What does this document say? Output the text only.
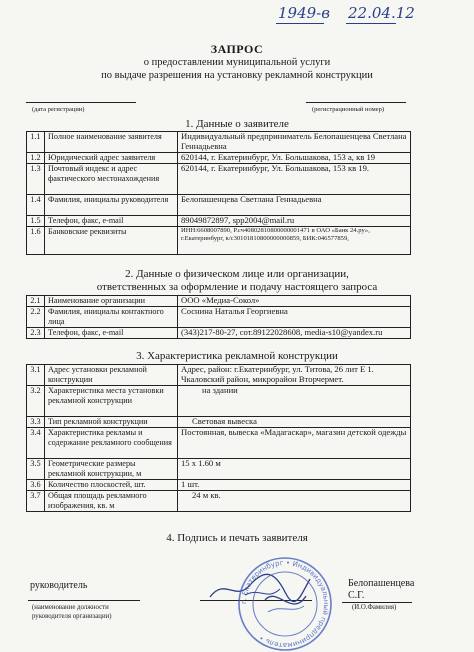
1949-в 22.04.12
ЗАПРОС
о предоставлении муниципальной услуги
по выдаче разрешения на установку рекламной конструкции
(дата регистрации)	(регистрационный номер)
1. Данные о заявителе
1.1	Полное наименование заявителя	Индивидуальный предприниматель Белопашенцева Светлана Геннадьевна
1.2	Юридический адрес заявителя	620144, г. Екатеринбург, Ул. Большакова, 153 а, кв 19
1.3	Почтовый индекс и адрес фактического местонахождения	620144, г. Екатеринбург, Ул. Большакова, 153 кв 19.
1.4	Фамилия, инициалы руководителя	Белопашенцева Светлана Геннадьевна
1.5	Телефон, факс, e-mail	89049872897, spp2004@mail.ru
1.6	Банковские реквизиты	ИНН:6608007890, Р.сч40802810800000001471 в ОАО «Банк 24.ру», г.Екатеринбург, к/с30101810800000000859, БИК:046577859,
2. Данные о физическом лице или организации,
ответственных за оформление и подачу настоящего запроса
2.1	Наименование организации	ООО «Медиа-Сокол»
2.2	Фамилия, инициалы контактного лица	Соснина Наталья Георгиевна
2.3	Телефон, факс, e-mail	(343)217-80-27, сот.89122028608, media-s10@yandex.ru
3. Характеристика рекламной конструкции
3.1	Адрес установки рекламной конструкции	Адрес, район: г.Екатеринбург, ул. Титова, 26 лит Е 1. Чкаловский район, микрорайон Вторчермет.
3.2	Характеристика места установки рекламной конструкции	на здании
3.3	Тип рекламной конструкции	Световая вывеска
3.4	Характеристика рекламы и содержание рекламного сообщения	Постоянная, вывеска «Мадагаскар», магазин детской одежды
3.5	Геометрические размеры рекламной конструкции, м	15 х 1.60 м
3.6	Количество плоскостей, шт.	1 шт.
3.7	Общая площадь рекламного изображения, кв. м	24 м кв.
4. Подпись и печать заявителя
руководитель
(наименование должности
руководителя организации)
Белопашенцева
С.Г.
(И.О.Фамилия)
г. Екатеринбург • Индивидуальный предприниматель •
